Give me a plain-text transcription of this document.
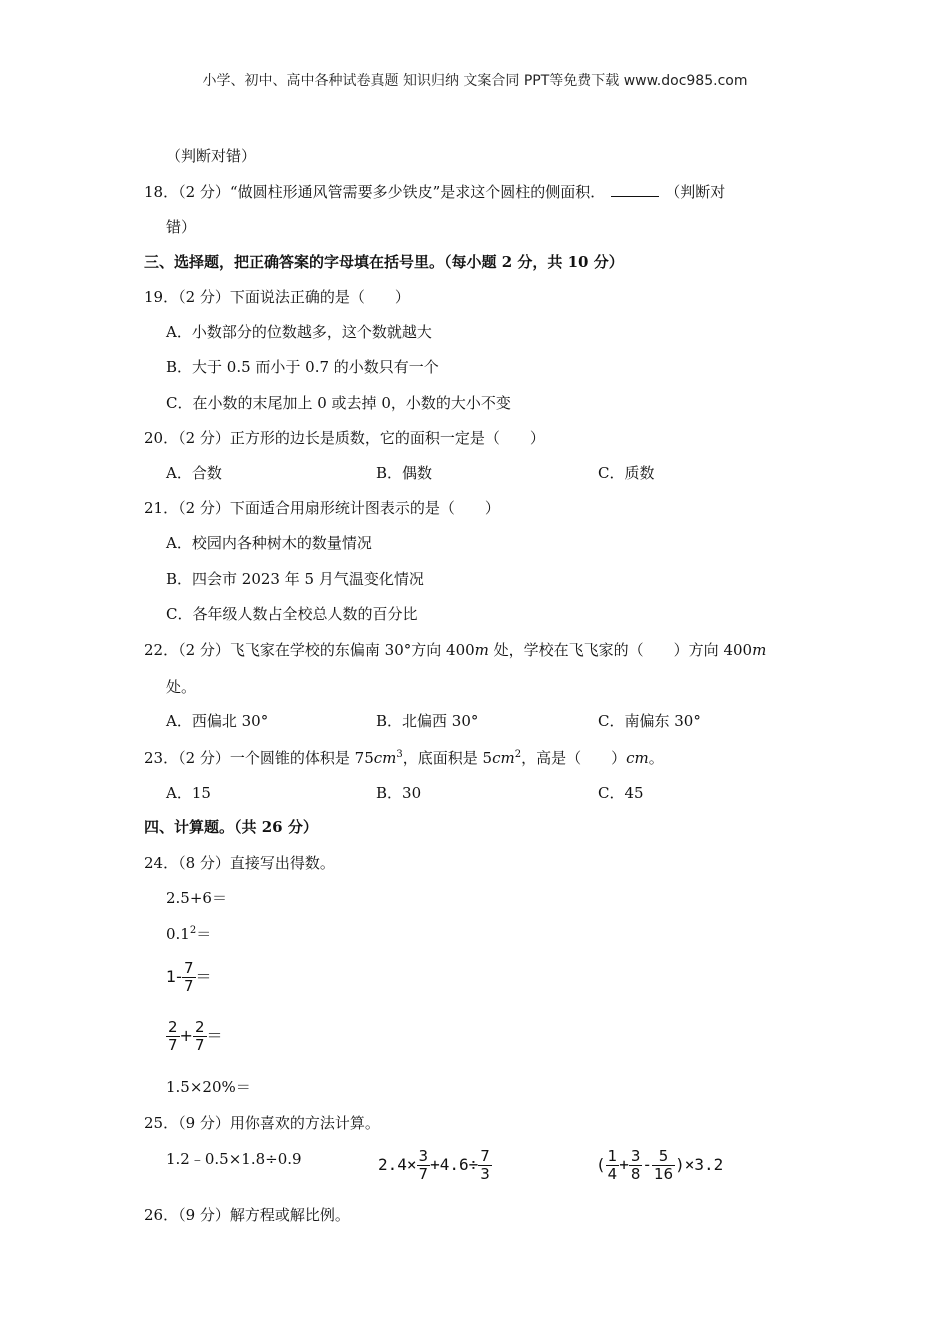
小学、初中、高中各种试卷真题 知识归纳 文案合同 PPT等免费下载 www.doc985.com
（判断对错）
18．（2 分）“做圆柱形通风管需要多少铁皮”是求这个圆柱的侧面积．	（判断对
错）
三、选择题，把正确答案的字母填在括号里。（每小题 2 分，共 10 分）
19．（2 分）下面说法正确的是（　　）
A．小数部分的位数越多，这个数就越大
B．大于 0.5 而小于 0.7 的小数只有一个
C．在小数的末尾加上 0 或去掉 0，小数的大小不变
20．（2 分）正方形的边长是质数，它的面积一定是（　　）
A．合数	B．偶数	C．质数
21．（2 分）下面适合用扇形统计图表示的是（　　）
A．校园内各种树木的数量情况
B．四会市 2023 年 5 月气温变化情况
C．各年级人数占全校总人数的百分比
22．（2 分）飞飞家在学校的东偏南 30°方向 400m 处，学校在飞飞家的（　　）方向 400m
处。
A．西偏北 30°	B．北偏西 30°	C．南偏东 30°
23．（2 分）一个圆锥的体积是 $75cm^3$，底面积是 $5cm^2$，高是（　　）cm。
A．15	B．30	C．45
四、计算题。（共 26 分）
24．（8 分）直接写出得数。
2.5+6＝
$0.1^2=$
$1- \frac{7}{7}$ ＝
$\frac{2}{7} + \frac{2}{7}$ ＝
1.5×20%＝
25．（9 分）用你喜欢的方法计算。
1.2﹣0.5×1.8÷0.9	$2.4\times \frac{3}{7} +4.6\div \frac{7}{3}$	( $\frac{1}{4} + \frac{3}{8} - \frac{5}{16} )\times 3.2$
26．（9 分）解方程或解比例。
